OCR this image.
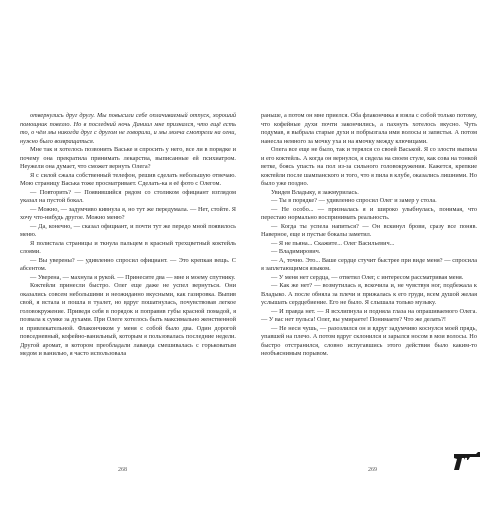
отвернулись друг другу. Мы повысили себе оплачиваемый отпуск, хороший помощник повезло. Но в последний ночь Даниил мне признался, что ещё есть то, о чём мы никогда друг с другом не говорили, и мы молча смотрели на огни, нужно было возвращаться.

Мне так и хотелось позвонить Ваське и спросить у него, все ли в порядке и почему она прекратила принимать лекарства, выписанные ей психиатром. Неужели она думает, что сможет вернуть Олега?

Я с силой сжала собственный телефон, решив сделать небольшую отвечаю. Мою страницу Васька тоже просматривает. Сделать-ка я её фото с Олегом.

— Повторить? — Появившийся рядом со столиком официант взглядом указал на пустой бокал.

— Можно, — задумчиво кивнула я, но тут же передумала. — Нет, стойте. Я хочу что-нибудь другое. Можно меню?

— Да, конечно, — сказал официант, и почти тут же передо мной появилось меню.

Я полистала страницы и ткнула пальцем в красный трехцветный коктейль слоями.

— Вы уверены? — удивленно спросил официант. — Это крепкая вещь. С абсентом.

— Уверена, — махнула я рукой. — Принесите два — мне и моему спутнику.

Коктейли принесли быстро. Олег еще даже не успел вернуться. Они оказались совсем небольшими и неожиданно вкусными, как газировка. Выпив свой, я встала и пошла в туалет, но вдруг пошатнулась, почувствовав легкое головокружение. Приведя себя в порядок и поправив губы красной помадой, я позвала к сумке за духами. При Олеге хотелось быть максимально женственной и привлекательной. Флакончиком у меня с собой было два. Один дорогой повседневный, кофейно-ванильный, которым я пользовалась последние недели. Другой аромат, в котором преобладали лаванда смешивалась с горьковатым медом и ванилью, я часто использовала

раньше, а потом он мне приелся. Оба флакончика я взяла с собой только потому, что кофейные духи почти закончились, а пахнуть хотелось вкусно. Чуть подумав, я выбрала старые духи и побрызгала ими волосы и запястья. А потом нанесла немного за мочку уха и на ямочку между ключицами.

Олега все еще не было, так и терялся со своей Васькой. Я со злости выпила и его коктейль. А когда он вернулся, я сидела на своем стуле, как сова на тонкой ветке, боясь упасть на пол из-за сильного головокружения. Кажется, крепкие коктейли после шампанского и того, что я пила в клубе, оказались лишними. Но было уже поздно.

Увидев Владыку, я зажмурилась.

— Ты в порядке? — удивленно спросил Олег и замер у стола.

— Не особо... — призналась я и широко улыбнулась, понимая, что перестаю нормально воспринимать реальность.

— Когда ты успела напиться? — Он вскинул брови, сразу все поняв. Наверное, еще и пустые бокалы заметил.

— Я не пьяна... Скажите... Олег Васильевич...

— Владимирович.

— А, точно. Это... Ваше сердце стучит быстрее при виде меня? — спросила я заплетающимся языком.

— У меня нет сердца, — ответил Олег, с интересом рассматривая меня.

— Как же нет? — возмутилась я, вскочила и, не чувствуя ног, подбежала к Владыко. А после обняла за плечи и прижалась к его груди, всем душой желая услышать сердцебиение. Его не было. Я слышала только музыку.

— И правда нет. — Я всхлипнула и подняла глаза на опрашиваемого Олега. — У вас нет пульса! Олег, вы умираете! Понимаете? Что же делать?!

— Не неси чушь, — разозлился он и вдруг задумчиво коснулся моей прядь, упавшей на плечо. А потом вдруг склонился и зарылся носом в мои волосы. Но быстро отстранился, словно испугавшись этого действия было каким-то необъяснимым порывом.

268	269
